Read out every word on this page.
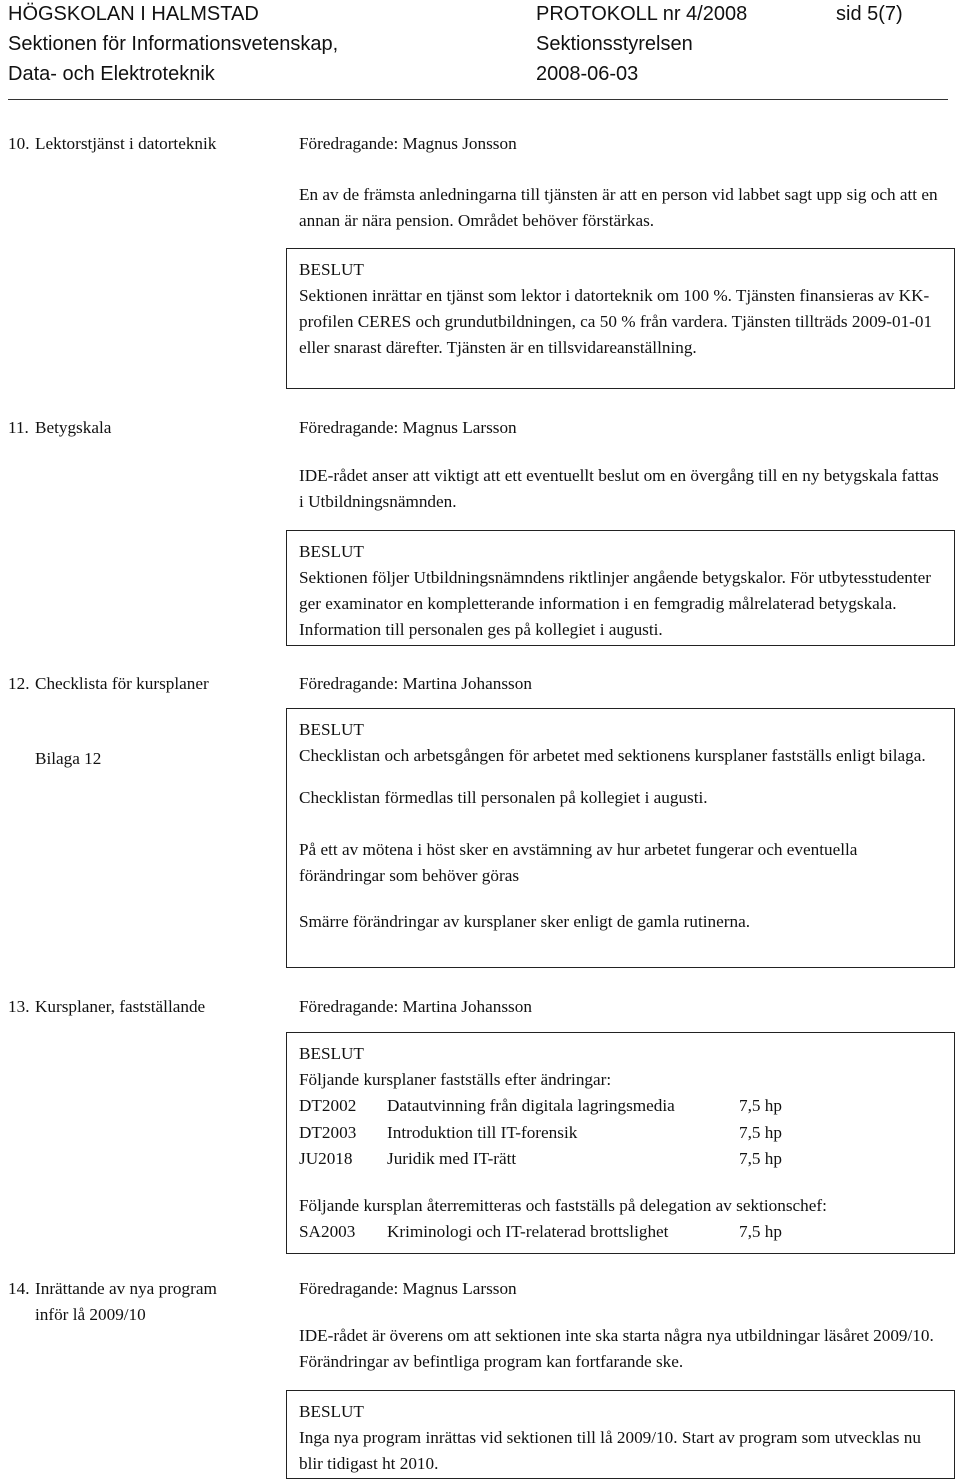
HÖGSKOLAN I HALMSTAD
Sektionen för Informationsvetenskap,
Data- och Elektroteknik
PROTOKOLL nr 4/2008
Sektionsstyrelsen
2008-06-03
sid 5(7)
10. Lektorstjänst i datorteknik	Föredragande: Magnus Jonsson
En av de främsta anledningarna till tjänsten är att en person vid labbet sagt upp sig och att en annan är nära pension. Området behöver förstärkas.
BESLUT
Sektionen inrättar en tjänst som lektor i datorteknik om 100 %. Tjänsten finansieras av KK-profilen CERES och grundutbildningen, ca 50 % från vardera. Tjänsten tillträds 2009-01-01 eller snarast därefter. Tjänsten är en tillsvidareanställning.
11. Betygskala	Föredragande: Magnus Larsson
IDE-rådet anser att viktigt att ett eventuellt beslut om en övergång till en ny betygskala fattas i Utbildningsnämnden.
BESLUT
Sektionen följer Utbildningsnämndens riktlinjer angående betygskalor. För utbytesstudenter ger examinator en kompletterande information i en femgradig målrelaterad betygskala. Information till personalen ges på kollegiet i augusti.
12. Checklista för kursplaner	Föredragande: Martina Johansson
Bilaga 12
BESLUT
Checklistan och arbetsgången för arbetet med sektionens kursplaner fastställs enligt bilaga.
Checklistan förmedlas till personalen på kollegiet i augusti.
På ett av mötena i höst sker en avstämning av hur arbetet fungerar och eventuella förändringar som behöver göras
Smärre förändringar av kursplaner sker enligt de gamla rutinerna.
13. Kursplaner, fastställande	Föredragande: Martina Johansson
BESLUT
Följande kursplaner fastställs efter ändringar:
DT2002	Datautvinning från digitala lagringsmedia	7,5 hp
DT2003	Introduktion till IT-forensik	7,5 hp
JU2018	Juridik med IT-rätt	7,5 hp
Följande kursplan återremitteras och fastställs på delegation av sektionschef:
SA2003	Kriminologi och IT-relaterad brottslighet	7,5 hp
14. Inrättande av nya program
inför lå 2009/10
Föredragande: Magnus Larsson
IDE-rådet är överens om att sektionen inte ska starta några nya utbildningar läsåret 2009/10. Förändringar av befintliga program kan fortfarande ske.
BESLUT
Inga nya program inrättas vid sektionen till lå 2009/10. Start av program som utvecklas nu blir tidigast ht 2010.
